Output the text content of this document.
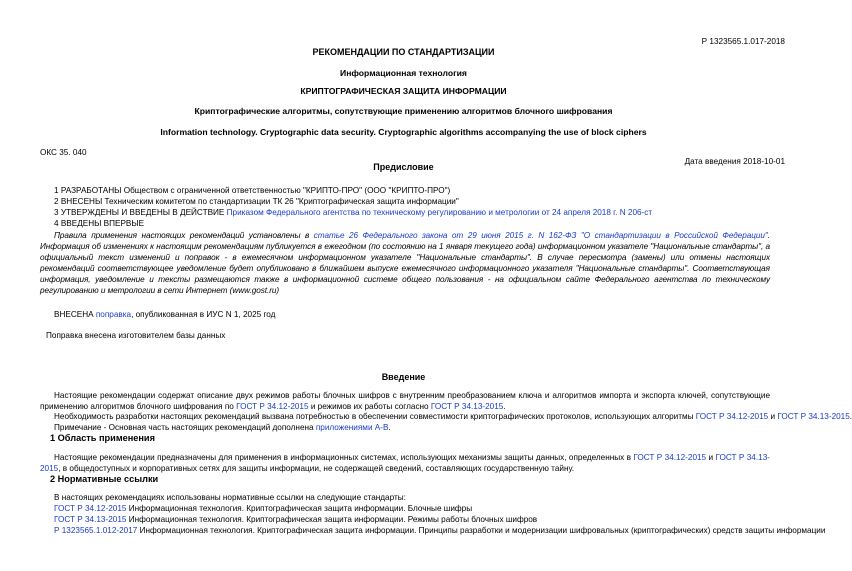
Р 1323565.1.017-2018
РЕКОМЕНДАЦИИ ПО СТАНДАРТИЗАЦИИ
Информационная технология
КРИПТОГРАФИЧЕСКАЯ ЗАЩИТА ИНФОРМАЦИИ
Криптографические алгоритмы, сопутствующие применению алгоритмов блочного шифрования
Information technology. Cryptographic data security. Cryptographic algorithms accompanying the use of block ciphers
ОКС 35. 040
Предисловие
Дата введения 2018-10-01
1 РАЗРАБОТАНЫ Обществом с ограниченной ответственностью "КРИПТО-ПРО" (ООО "КРИПТО-ПРО")
2 ВНЕСЕНЫ Техническим комитетом по стандартизации ТК 26 "Криптографическая защита информации"
3 УТВЕРЖДЕНЫ И ВВЕДЕНЫ В ДЕЙСТВИЕ Приказом Федерального агентства по техническому регулированию и метрологии от 24 апреля 2018 г. N 206-ст
4 ВВЕДЕНЫ ВПЕРВЫЕ
Правила применения настоящих рекомендаций установлены в статье 26 Федерального закона от 29 июня 2015 г. N 162-ФЗ "О стандартизации в Российской Федерации". Информация об изменениях к настоящим рекомендациям публикуется в ежегодном (по состоянию на 1 января текущего года) информационном указателе "Национальные стандарты", а официальный текст изменений и поправок - в ежемесячном информационном указателе "Национальные стандарты". В случае пересмотра (замены) или отмены настоящих рекомендаций соответствующее уведомление будет опубликовано в ближайшем выпуске ежемесячного информационного указателя "Национальные стандарты". Соответствующая информация, уведомление и тексты размещаются также в информационной системе общего пользования - на официальном сайте Федерального агентства по техническому регулированию и метрологии в сети Интернет (www.gost.ru)
ВНЕСЕНА поправка, опубликованная в ИУС N 1, 2025 год
Поправка внесена изготовителем базы данных
Введение
Настоящие рекомендации содержат описание двух режимов работы блочных шифров с внутренним преобразованием ключа и алгоритмов импорта и экспорта ключей, сопутствующие применению алгоритмов блочного шифрования по ГОСТ Р 34.12-2015 и режимов их работы согласно ГОСТ Р 34.13-2015.
Необходимость разработки настоящих рекомендаций вызвана потребностью в обеспечении совместимости криптографических протоколов, использующих алгоритмы ГОСТ Р 34.12-2015 и ГОСТ Р 34.13-2015.
Примечание - Основная часть настоящих рекомендаций дополнена приложениями А-В.
1 Область применения
Настоящие рекомендации предназначены для применения в информационных системах, использующих механизмы защиты данных, определенных в ГОСТ Р 34.12-2015 и ГОСТ Р 34.13-2015, в общедоступных и корпоративных сетях для защиты информации, не содержащей сведений, составляющих государственную тайну.
2 Нормативные ссылки
В настоящих рекомендациях использованы нормативные ссылки на следующие стандарты:
ГОСТ Р 34.12-2015 Информационная технология. Криптографическая защита информации. Блочные шифры
ГОСТ Р 34.13-2015 Информационная технология. Криптографическая защита информации. Режимы работы блочных шифров
Р 1323565.1.012-2017 Информационная технология. Криптографическая защита информации. Принципы разработки и модернизации шифровальных (криптографических) средств защиты информации
